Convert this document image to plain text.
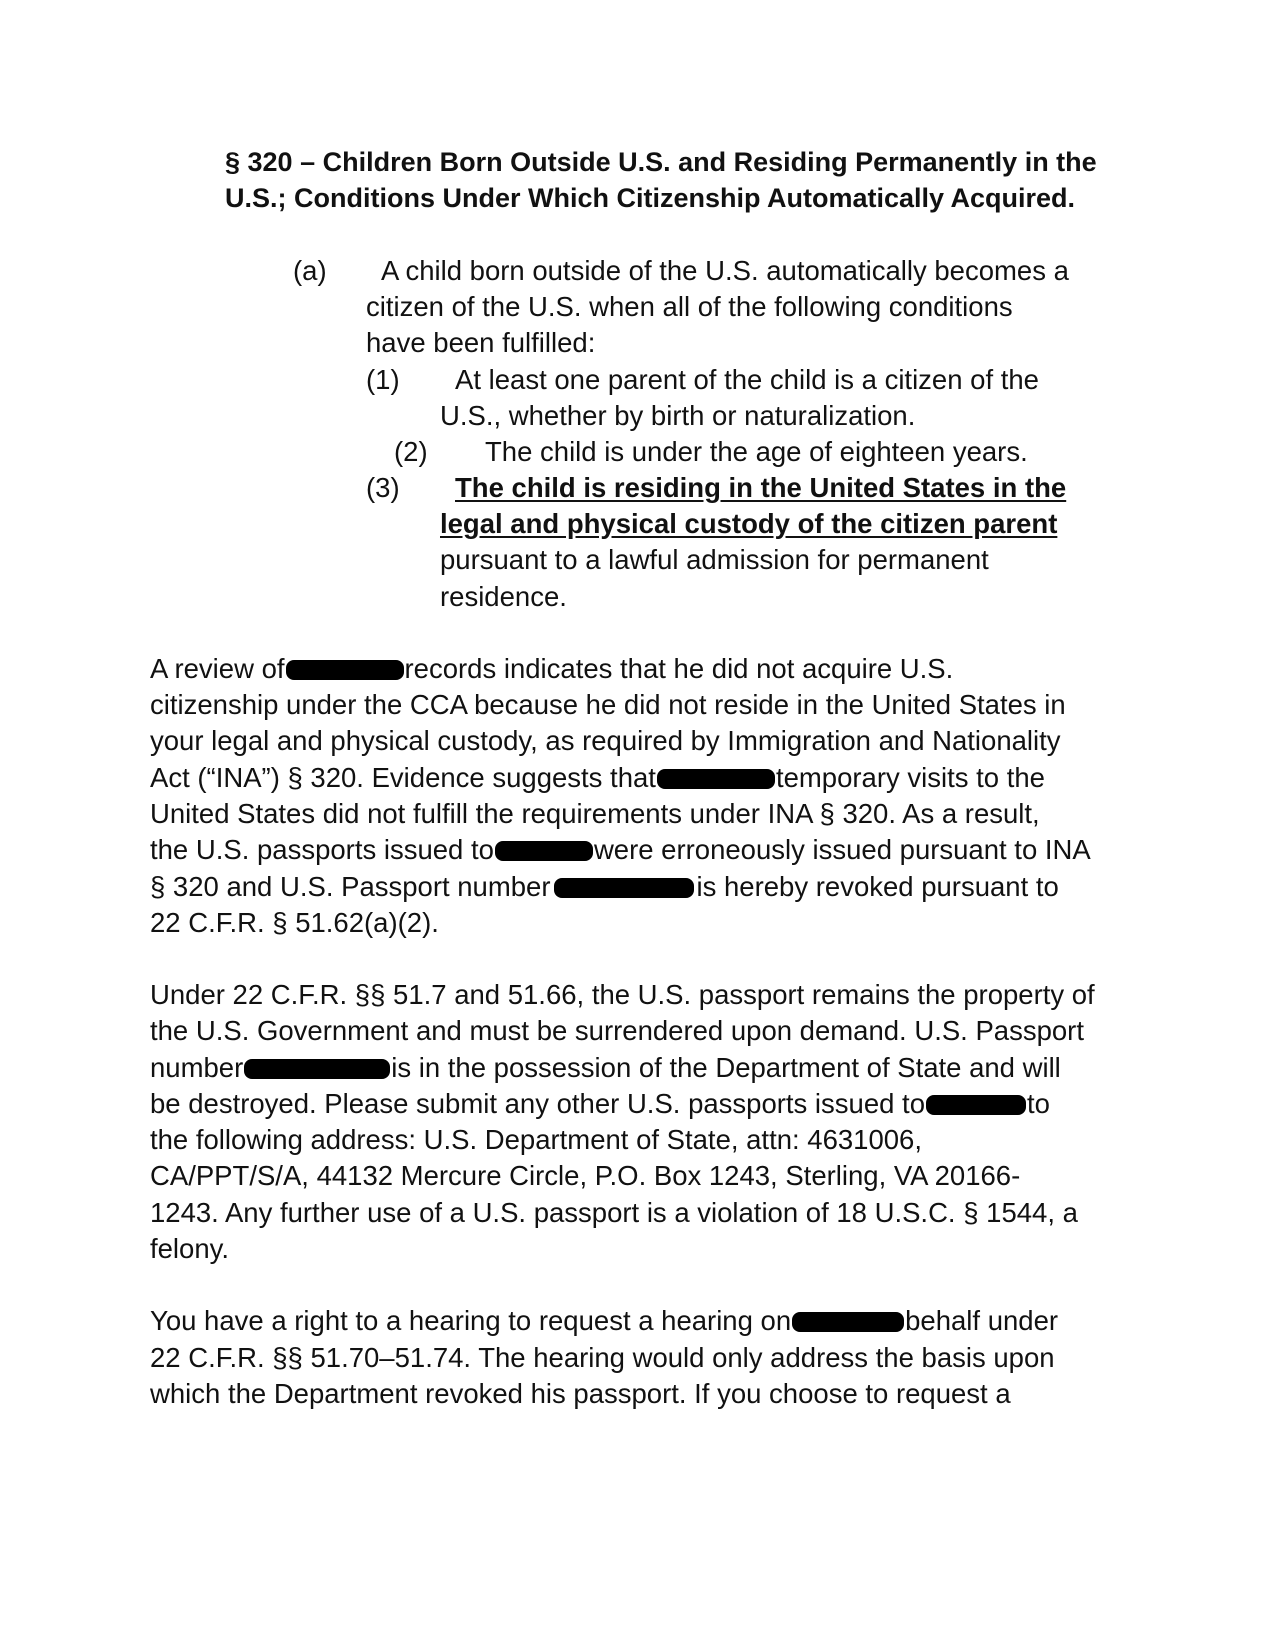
§ 320 – Children Born Outside U.S. and Residing Permanently in the
U.S.; Conditions Under Which Citizenship Automatically Acquired.
(a) A child born outside of the U.S. automatically becomes a
citizen of the U.S. when all of the following conditions
have been fulfilled:
(1) At least one parent of the child is a citizen of the
U.S., whether by birth or naturalization.
(2) The child is under the age of eighteen years.
(3) The child is residing in the United States in the
legal and physical custody of the citizen parent
pursuant to a lawful admission for permanent
residence.
A review of	records indicates that he did not acquire U.S.
citizenship under the CCA because he did not reside in the United States in
your legal and physical custody, as required by Immigration and Nationality
Act (“INA”) § 320. Evidence suggests that	temporary visits to the
United States did not fulfill the requirements under INA § 320. As a result,
the U.S. passports issued to	were erroneously issued pursuant to INA
§ 320 and U.S. Passport number	is hereby revoked pursuant to
22 C.F.R. § 51.62(a)(2).
Under 22 C.F.R. §§ 51.7 and 51.66, the U.S. passport remains the property of
the U.S. Government and must be surrendered upon demand. U.S. Passport
number	is in the possession of the Department of State and will
be destroyed. Please submit any other U.S. passports issued to	to
the following address: U.S. Department of State, attn: 4631006,
CA/PPT/S/A, 44132 Mercure Circle, P.O. Box 1243, Sterling, VA 20166-
1243. Any further use of a U.S. passport is a violation of 18 U.S.C. § 1544, a
felony.
You have a right to a hearing to request a hearing on	behalf under
22 C.F.R. §§ 51.70–51.74. The hearing would only address the basis upon
which the Department revoked his passport. If you choose to request a
